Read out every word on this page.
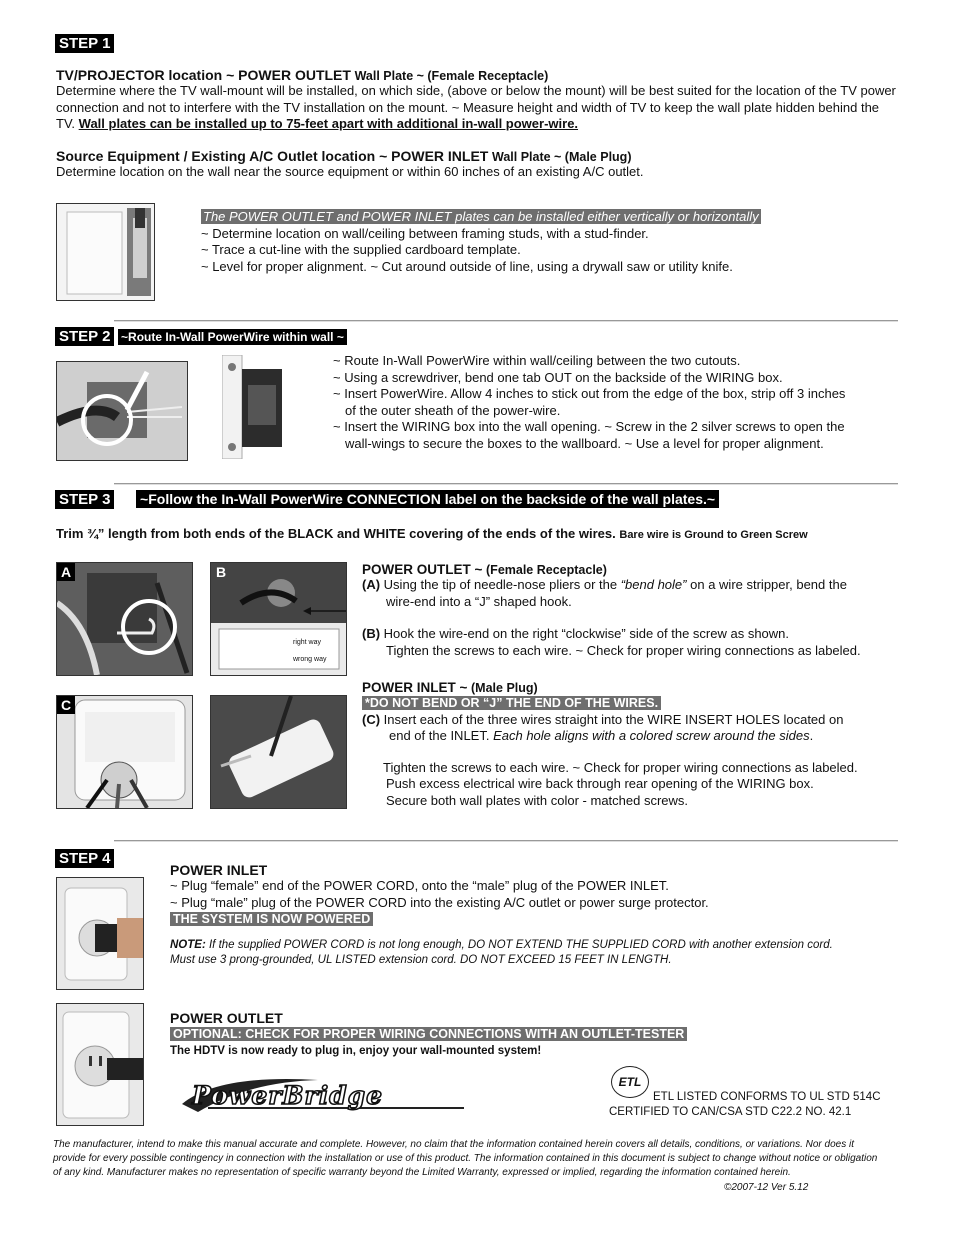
STEP 1
TV/PROJECTOR location ~ POWER OUTLET Wall Plate ~ (Female Receptacle)
Determine where the TV wall-mount will be installed, on which side, (above or below the mount) will be best suited for the location of the TV power connection and not to interfere with the TV installation on the mount. ~ Measure height and width of TV to keep the wall plate hidden behind the TV. Wall plates can be installed up to 75-feet apart with additional in-wall power-wire.
Source Equipment / Existing A/C Outlet location ~ POWER INLET Wall Plate ~ (Male Plug)
Determine location on the wall near the source equipment or within 60 inches of an existing A/C outlet.
The POWER OUTLET and POWER INLET plates can be installed either vertically or horizontally
~ Determine location on wall/ceiling between framing studs, with a stud-finder.
~ Trace a cut-line with the supplied cardboard template.
~ Level for proper alignment. ~ Cut around outside of line, using a drywall saw or utility knife.
STEP 2 ~Route In-Wall PowerWire within wall ~
~ Route In-Wall PowerWire within wall/ceiling between the two cutouts.
~ Using a screwdriver, bend one tab OUT on the backside of the WIRING box.
~ Insert PowerWire. Allow 4 inches to stick out from the edge of the box, strip off 3 inches
of the outer sheath of the power-wire.
~ Insert the WIRING box into the wall opening. ~ Screw in the 2 silver screws to open the
wall-wings to secure the boxes to the wallboard. ~ Use a level for proper alignment.
STEP 3 ~Follow the In-Wall PowerWire CONNECTION label on the backside of the wall plates.~
Trim ¾” length from both ends of the BLACK and WHITE covering of the ends of the wires. Bare wire is Ground to Green Screw
A	B
right way
wrong way
C
POWER OUTLET ~ (Female Receptacle)
(A) Using the tip of needle-nose pliers or the “bend hole” on a wire stripper, bend the
wire-end into a “J” shaped hook.
(B) Hook the wire-end on the right “clockwise” side of the screw as shown.
Tighten the screws to each wire. ~ Check for proper wiring connections as labeled.
POWER INLET ~ (Male Plug)
*DO NOT BEND OR “J” THE END OF THE WIRES.
(C) Insert each of the three wires straight into the WIRE INSERT HOLES located on
end of the INLET. Each hole aligns with a colored screw around the sides.
Tighten the screws to each wire. ~ Check for proper wiring connections as labeled.
Push excess electrical wire back through rear opening of the WIRING box.
Secure both wall plates with color - matched screws.
STEP 4
POWER INLET
~ Plug “female” end of the POWER CORD, onto the “male” plug of the POWER INLET.
~ Plug “male” plug of the POWER CORD into the existing A/C outlet or power surge protector.
THE SYSTEM IS NOW POWERED
NOTE: If the supplied POWER CORD is not long enough, DO NOT EXTEND THE SUPPLIED CORD with another extension cord.
Must use 3 prong-grounded, UL LISTED extension cord. DO NOT EXCEED 15 FEET IN LENGTH.
POWER OUTLET
OPTIONAL: CHECK FOR PROPER WIRING CONNECTIONS WITH AN OUTLET-TESTER
The HDTV is now ready to plug in, enjoy your wall-mounted system!
PowerBridge	ETL
ETL LISTED CONFORMS TO UL STD 514C
CERTIFIED TO CAN/CSA STD C22.2 NO. 42.1
The manufacturer, intend to make this manual accurate and complete. However, no claim that the information contained herein covers all details, conditions, or variations. Nor does it
provide for every possible contingency in connection with the installation or use of this product. The information contained in this document is subject to change without notice or obligation
of any kind. Manufacturer makes no representation of specific warranty beyond the Limited Warranty, expressed or implied, regarding the information contained herein.
©2007-12 Ver 5.12
